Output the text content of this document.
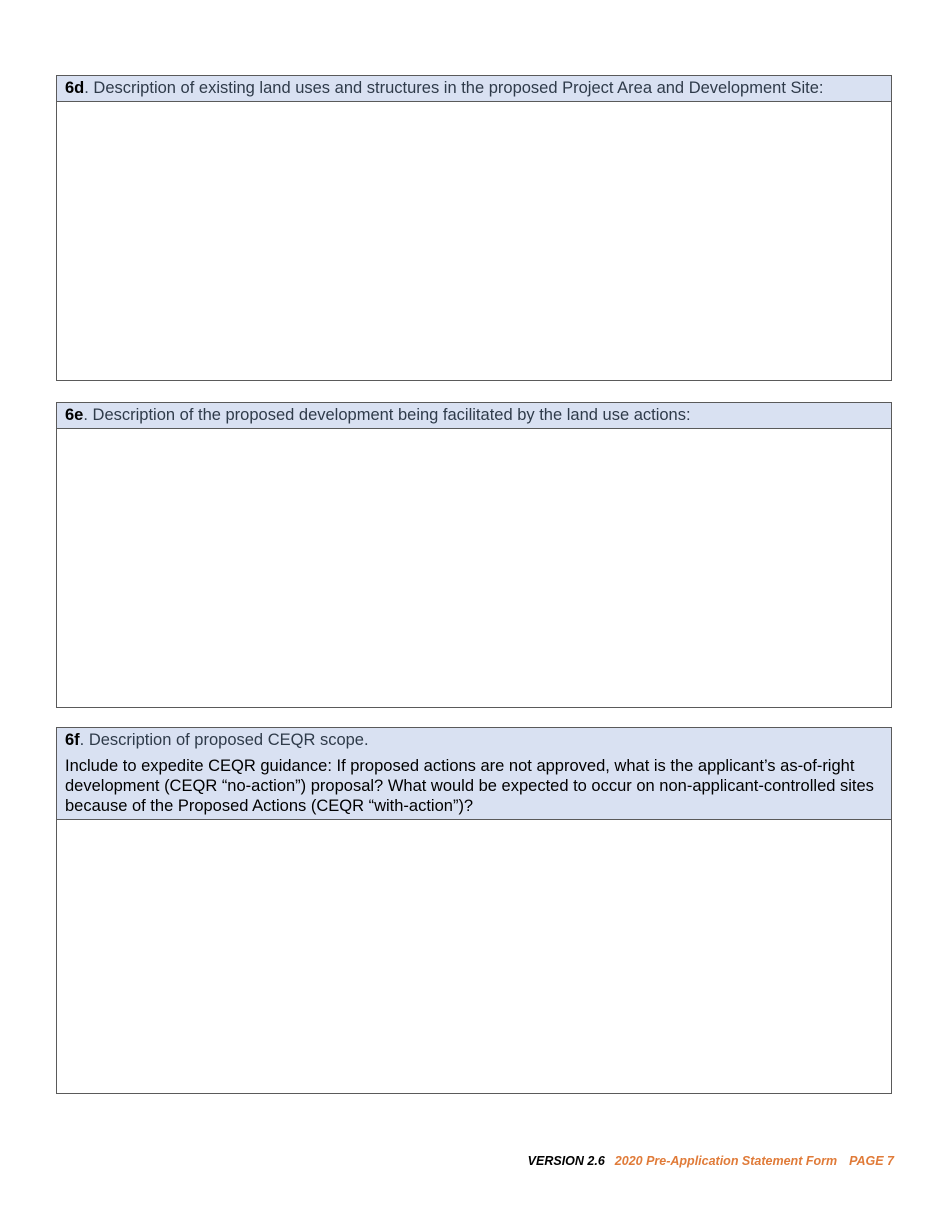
6d. Description of existing land uses and structures in the proposed Project Area and Development Site:
6e. Description of the proposed development being facilitated by the land use actions:
6f. Description of proposed CEQR scope.
Include to expedite CEQR guidance: If proposed actions are not approved, what is the applicant’s as-of-right development (CEQR “no-action”) proposal? What would be expected to occur on non-applicant-controlled sites because of the Proposed Actions (CEQR “with-action”)?
VERSION 2.6 2020 Pre-Application Statement Form PAGE 7
